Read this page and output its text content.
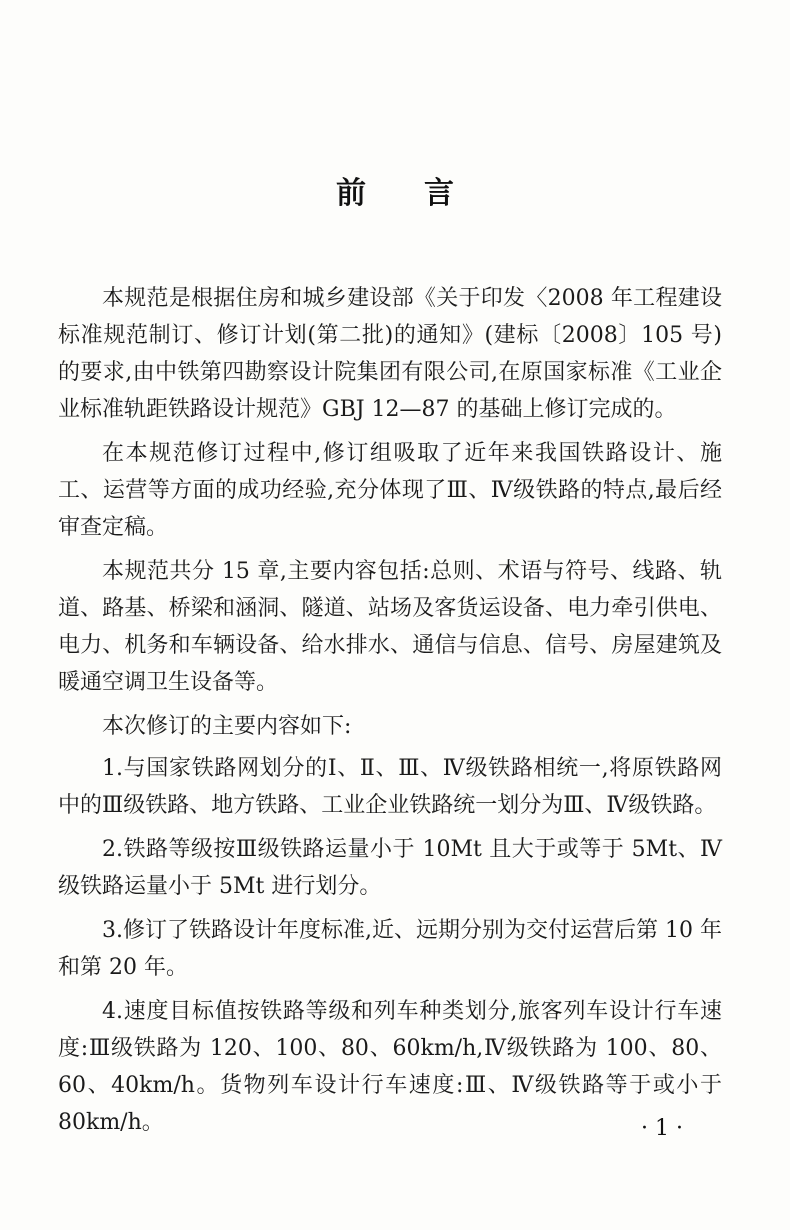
前言

本规范是根据住房和城乡建设部《关于印发〈2008 年工程建设标准规范制订、修订计划(第二批)的通知》(建标〔2008〕105 号)的要求,由中铁第四勘察设计院集团有限公司,在原国家标准《工业企业标准轨距铁路设计规范》GBJ 12—87 的基础上修订完成的。

在本规范修订过程中,修订组吸取了近年来我国铁路设计、施工、运营等方面的成功经验,充分体现了Ⅲ、Ⅳ级铁路的特点,最后经审查定稿。

本规范共分 15 章,主要内容包括:总则、术语与符号、线路、轨道、路基、桥梁和涵洞、隧道、站场及客货运设备、电力牵引供电、电力、机务和车辆设备、给水排水、通信与信息、信号、房屋建筑及暖通空调卫生设备等。

本次修订的主要内容如下:

1.与国家铁路网划分的Ⅰ、Ⅱ、Ⅲ、Ⅳ级铁路相统一,将原铁路网中的Ⅲ级铁路、地方铁路、工业企业铁路统一划分为Ⅲ、Ⅳ级铁路。

2.铁路等级按Ⅲ级铁路运量小于 10Mt 且大于或等于 5Mt、Ⅳ级铁路运量小于 5Mt 进行划分。

3.修订了铁路设计年度标准,近、远期分别为交付运营后第 10 年和第 20 年。

4.速度目标值按铁路等级和列车种类划分,旅客列车设计行车速度:Ⅲ级铁路为 120、100、80、60km/h,Ⅳ级铁路为 100、80、60、40km/h。货物列车设计行车速度:Ⅲ、Ⅳ级铁路等于或小于 80km/h。	· 1 ·
